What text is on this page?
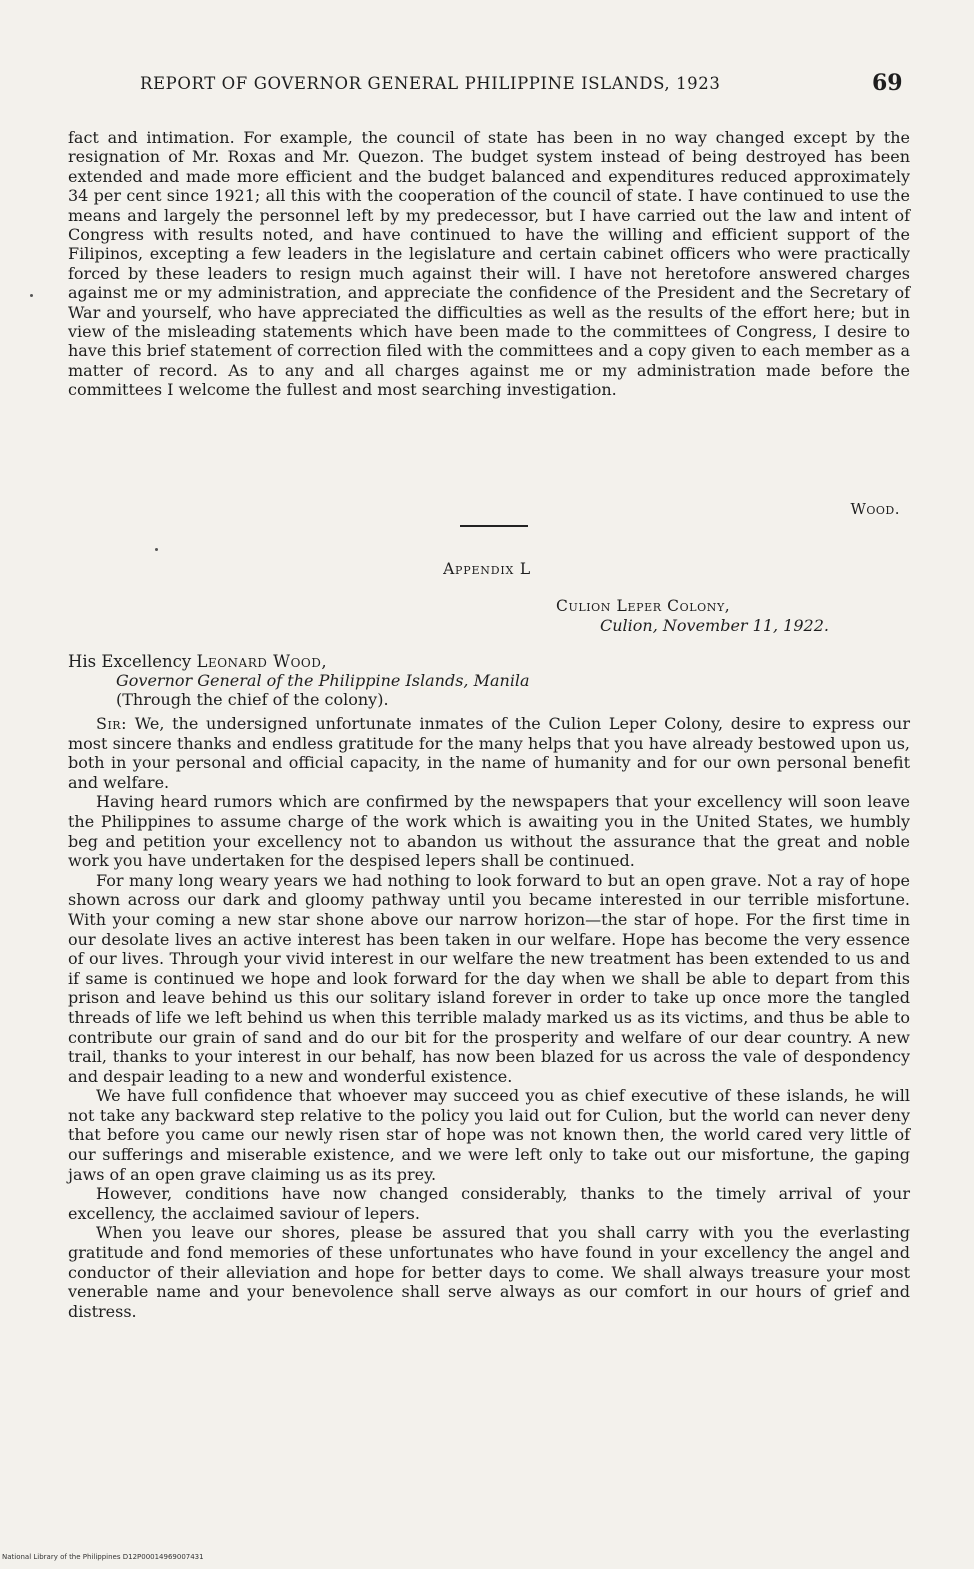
REPORT OF GOVERNOR GENERAL PHILIPPINE ISLANDS, 1923	69
fact and intimation. For example, the council of state has been in no way changed except by the resignation of Mr. Roxas and Mr. Quezon. The budget system instead of being destroyed has been extended and made more efficient and the budget balanced and expenditures reduced approximately 34 per cent since 1921; all this with the cooperation of the council of state. I have continued to use the means and largely the personnel left by my predecessor, but I have carried out the law and intent of Congress with results noted, and have continued to have the willing and efficient support of the Filipinos, excepting a few leaders in the legislature and certain cabinet officers who were practically forced by these leaders to resign much against their will. I have not heretofore answered charges against me or my administration, and appreciate the confidence of the President and the Secretary of War and yourself, who have appreciated the difficulties as well as the results of the effort here; but in view of the misleading statements which have been made to the committees of Congress, I desire to have this brief statement of correction filed with the committees and a copy given to each member as a matter of record. As to any and all charges against me or my administration made before the committees I welcome the fullest and most searching investigation.
Wood.
Appendix L
Culion Leper Colony,
Culion, November 11, 1922.
His Excellency Leonard Wood,
Governor General of the Philippine Islands, Manila
(Through the chief of the colony).

Sir: We, the undersigned unfortunate inmates of the Culion Leper Colony, desire to express our most sincere thanks and endless gratitude for the many helps that you have already bestowed upon us, both in your personal and official capacity, in the name of humanity and for our own personal benefit and welfare.

Having heard rumors which are confirmed by the newspapers that your excellency will soon leave the Philippines to assume charge of the work which is awaiting you in the United States, we humbly beg and petition your excellency not to abandon us without the assurance that the great and noble work you have undertaken for the despised lepers shall be continued.

For many long weary years we had nothing to look forward to but an open grave. Not a ray of hope shown across our dark and gloomy pathway until you became interested in our terrible misfortune. With your coming a new star shone above our narrow horizon—the star of hope. For the first time in our desolate lives an active interest has been taken in our welfare. Hope has become the very essence of our lives. Through your vivid interest in our welfare the new treatment has been extended to us and if same is continued we hope and look forward for the day when we shall be able to depart from this prison and leave behind us this our solitary island forever in order to take up once more the tangled threads of life we left behind us when this terrible malady marked us as its victims, and thus be able to contribute our grain of sand and do our bit for the prosperity and welfare of our dear country. A new trail, thanks to your interest in our behalf, has now been blazed for us across the vale of despondency and despair leading to a new and wonderful existence.

We have full confidence that whoever may succeed you as chief executive of these islands, he will not take any backward step relative to the policy you laid out for Culion, but the world can never deny that before you came our newly risen star of hope was not known then, the world cared very little of our sufferings and miserable existence, and we were left only to take out our misfortune, the gaping jaws of an open grave claiming us as its prey.

However, conditions have now changed considerably, thanks to the timely arrival of your excellency, the acclaimed saviour of lepers.

When you leave our shores, please be assured that you shall carry with you the everlasting gratitude and fond memories of these unfortunates who have found in your excellency the angel and conductor of their alleviation and hope for better days to come. We shall always treasure your most venerable name and your benevolence shall serve always as our comfort in our hours of grief and distress.

National Library of the Philippines D12P00014969007431
